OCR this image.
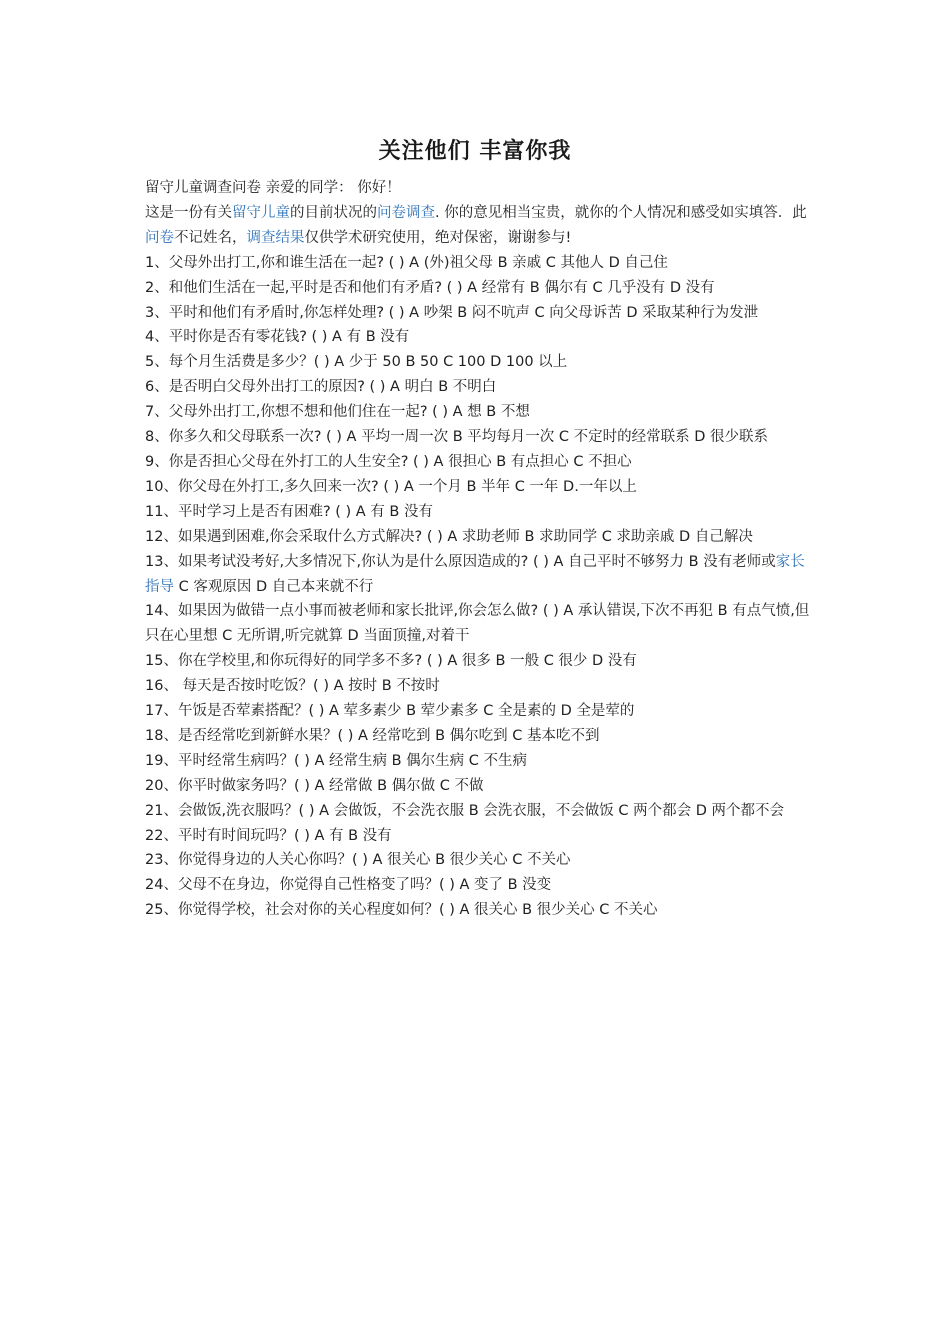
关注他们 丰富你我

留守儿童调查问卷 亲爱的同学： 你好！

这是一份有关留守儿童的目前状况的问卷调查. 你的意见相当宝贵，就你的个人情况和感受如实填答．此问卷不记姓名，调查结果仅供学术研究使用，绝对保密，谢谢参与!

1、父母外出打工,你和谁生活在一起? ( ) A (外)祖父母 B 亲戚 C 其他人 D 自己住

2、和他们生活在一起,平时是否和他们有矛盾? ( ) A 经常有 B 偶尔有 C 几乎没有 D 没有

3、平时和他们有矛盾时,你怎样处理? ( ) A 吵架 B 闷不吭声 C 向父母诉苦 D 采取某种行为发泄

4、平时你是否有零花钱? ( ) A 有 B 没有

5、每个月生活费是多少？( ) A 少于 50 B 50 C 100 D 100 以上

6、是否明白父母外出打工的原因? ( ) A 明白 B 不明白

7、父母外出打工,你想不想和他们住在一起? ( ) A 想 B 不想

8、你多久和父母联系一次? ( ) A 平均一周一次 B 平均每月一次 C 不定时的经常联系 D 很少联系

9、你是否担心父母在外打工的人生安全? ( ) A 很担心 B 有点担心 C 不担心

10、你父母在外打工,多久回来一次? ( ) A 一个月 B 半年 C 一年 D.一年以上

11、平时学习上是否有困难? ( ) A 有 B 没有

12、如果遇到困难,你会采取什么方式解决? ( ) A 求助老师 B 求助同学 C 求助亲戚 D 自己解决

13、如果考试没考好,大多情况下,你认为是什么原因造成的? ( ) A 自己平时不够努力 B 没有老师或家长指导 C 客观原因 D 自己本来就不行

14、如果因为做错一点小事而被老师和家长批评,你会怎么做? ( ) A 承认错误,下次不再犯 B 有点气愤,但只在心里想 C 无所谓,听完就算 D 当面顶撞,对着干

15、你在学校里,和你玩得好的同学多不多? ( ) A 很多 B 一般 C 很少 D 没有

16、 每天是否按时吃饭？( ) A 按时 B 不按时

17、午饭是否荤素搭配？( ) A 荤多素少 B 荤少素多 C 全是素的 D 全是荤的

18、是否经常吃到新鲜水果？( ) A 经常吃到 B 偶尔吃到 C 基本吃不到

19、平时经常生病吗？( ) A 经常生病 B 偶尔生病 C 不生病

20、你平时做家务吗？( ) A 经常做 B 偶尔做 C 不做

21、会做饭,洗衣服吗？( ) A 会做饭，不会洗衣服 B 会洗衣服，不会做饭 C 两个都会 D 两个都不会

22、平时有时间玩吗？( ) A 有 B 没有

23、你觉得身边的人关心你吗？( ) A 很关心 B 很少关心 C 不关心

24、父母不在身边，你觉得自己性格变了吗？( ) A 变了 B 没变

25、你觉得学校，社会对你的关心程度如何？( ) A 很关心 B 很少关心 C 不关心
